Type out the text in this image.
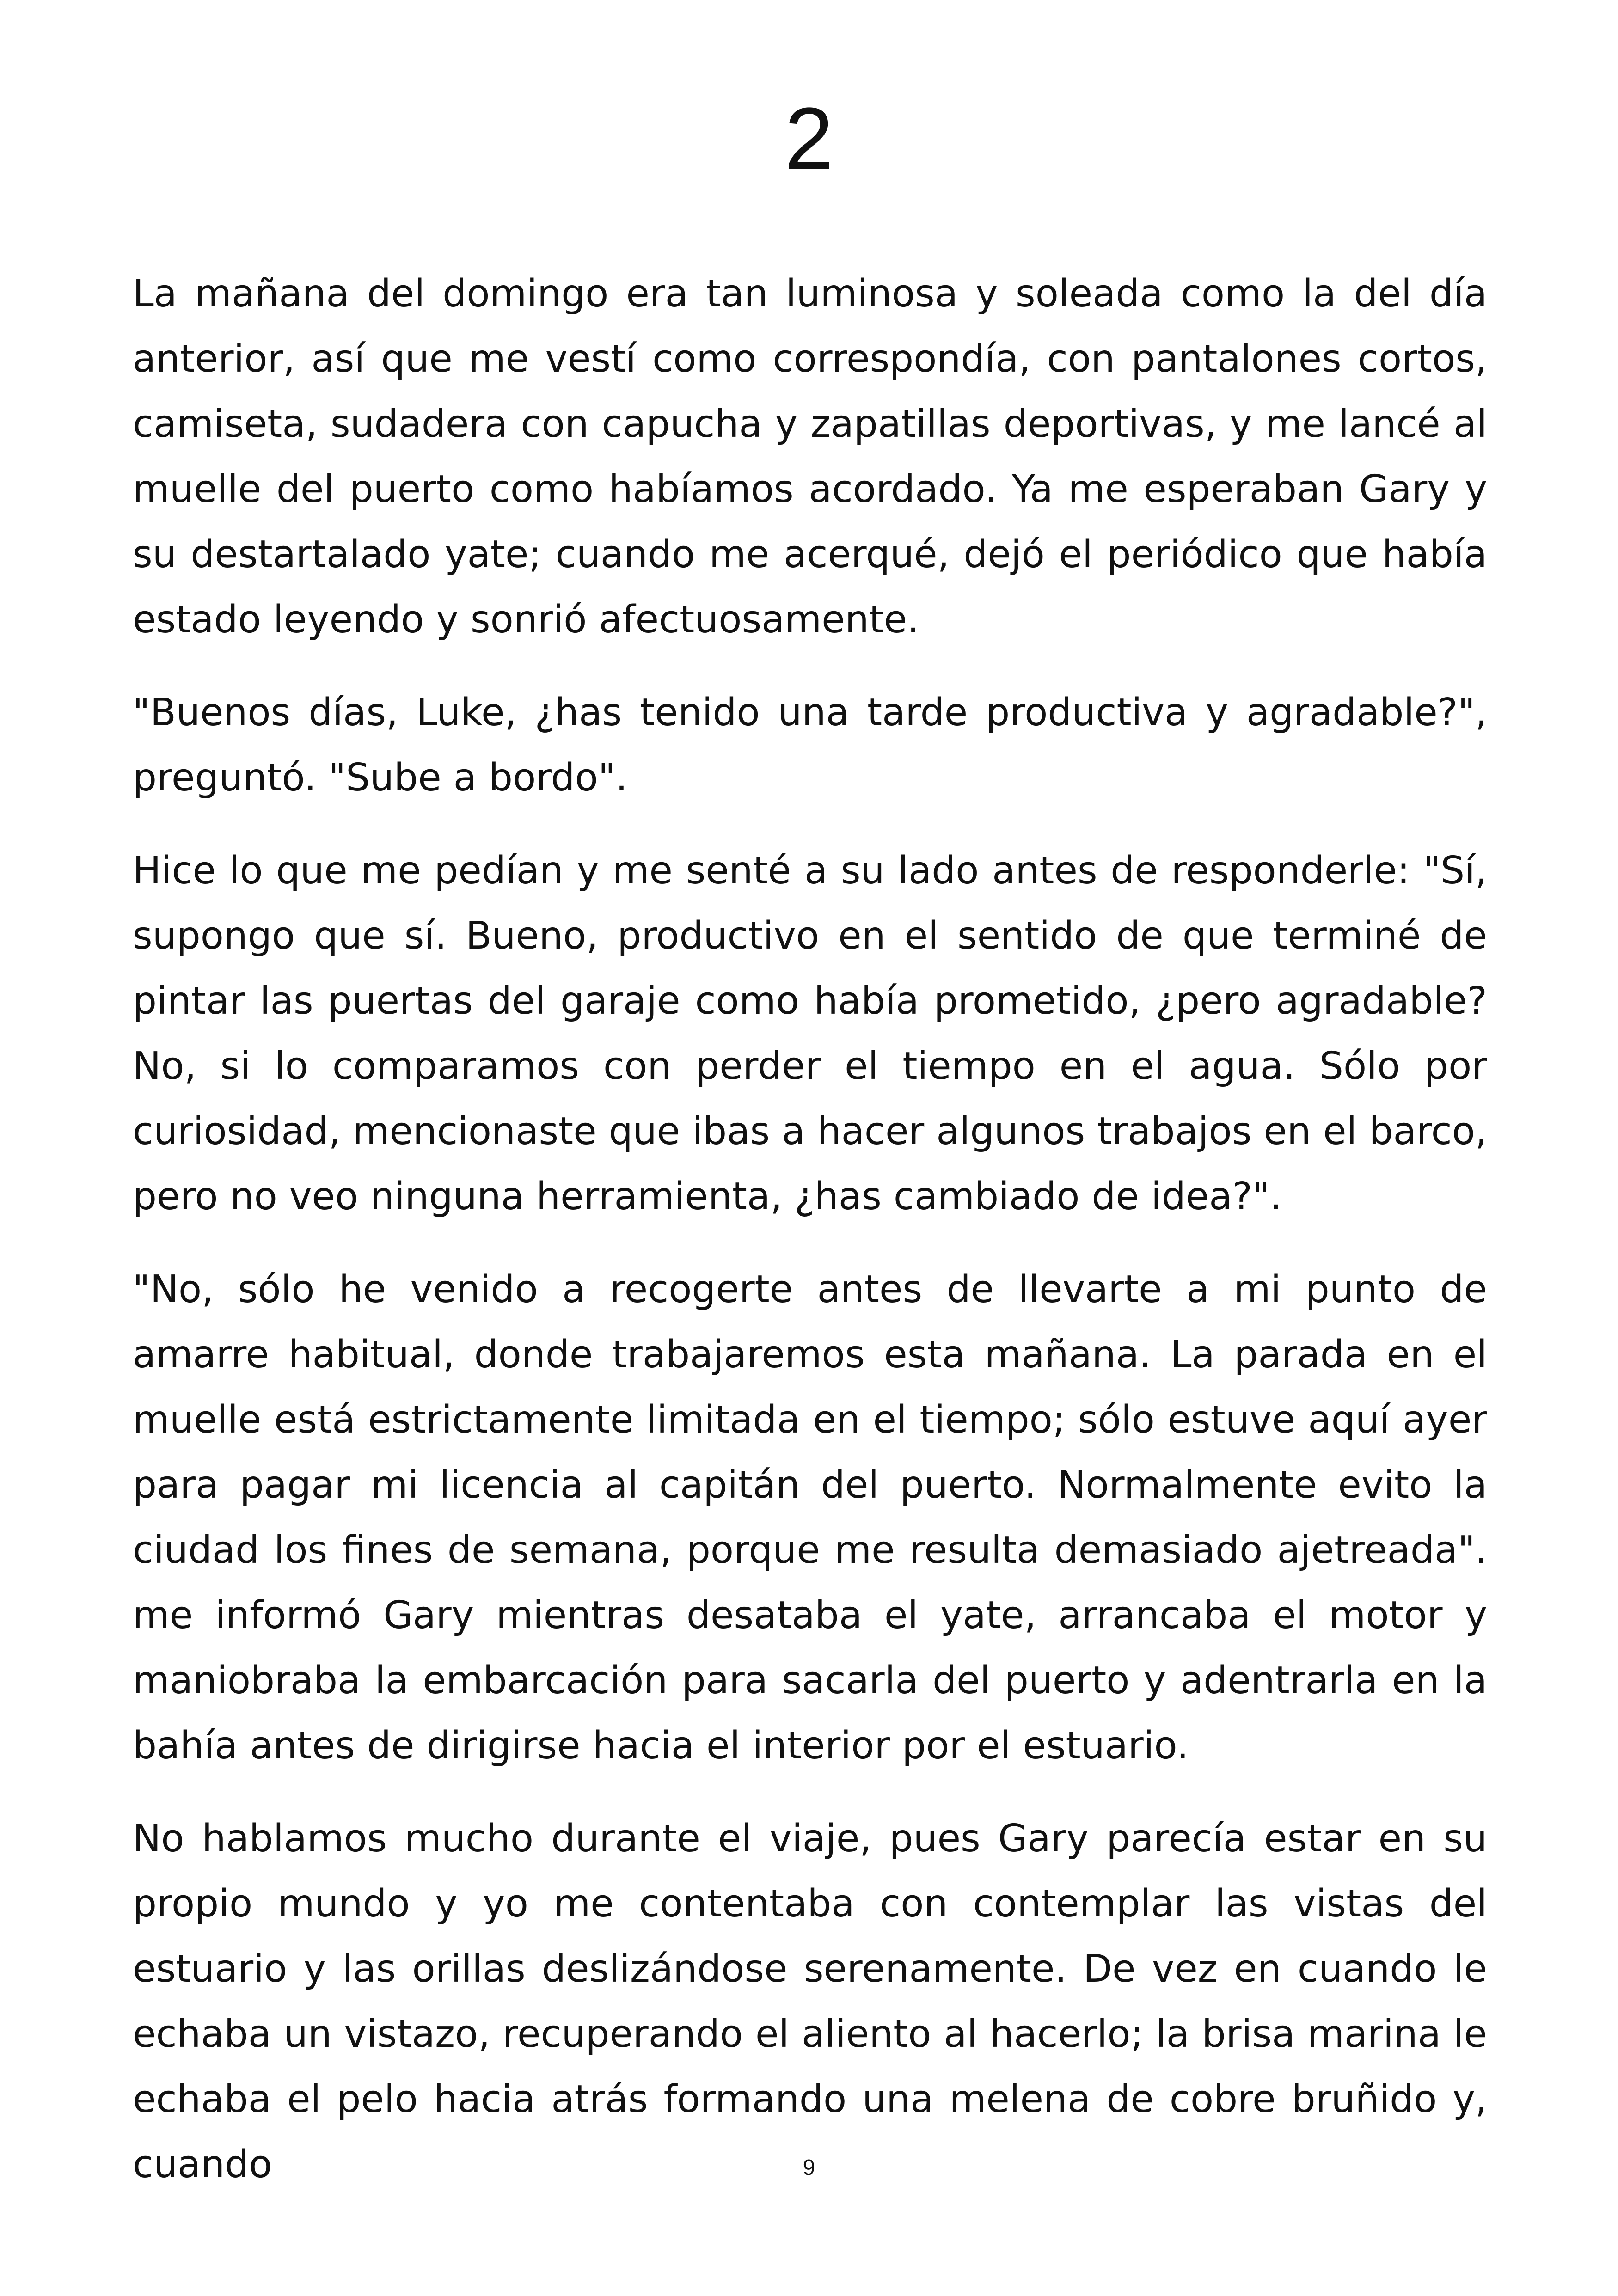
2

La mañana del domingo era tan luminosa y soleada como la del día anterior, así que me vestí como correspondía, con pantalones cortos, camiseta, sudadera con capucha y zapatillas deportivas, y me lancé al muelle del puerto como habíamos acordado. Ya me esperaban Gary y su destartalado yate; cuando me acerqué, dejó el periódico que había estado leyendo y sonrió afectuosamente.

"Buenos días, Luke, ¿has tenido una tarde productiva y agradable?", preguntó. "Sube a bordo".

Hice lo que me pedían y me senté a su lado antes de responderle: "Sí, supongo que sí. Bueno, productivo en el sentido de que terminé de pintar las puertas del garaje como había prometido, ¿pero agradable? No, si lo comparamos con perder el tiempo en el agua. Sólo por curiosidad, mencionaste que ibas a hacer algunos trabajos en el barco, pero no veo ninguna herramienta, ¿has cambiado de idea?".

"No, sólo he venido a recogerte antes de llevarte a mi punto de amarre habitual, donde trabajaremos esta mañana. La parada en el muelle está estrictamente limitada en el tiempo; sólo estuve aquí ayer para pagar mi licencia al capitán del puerto. Normalmente evito la ciudad los fines de semana, porque me resulta demasiado ajetreada". me informó Gary mientras desataba el yate, arrancaba el motor y maniobraba la embarcación para sacarla del puerto y adentrarla en la bahía antes de dirigirse hacia el interior por el estuario.

No hablamos mucho durante el viaje, pues Gary parecía estar en su propio mundo y yo me contentaba con contemplar las vistas del estuario y las orillas deslizándose serenamente. De vez en cuando le echaba un vistazo, recuperando el aliento al hacerlo; la brisa marina le echaba el pelo hacia atrás formando una melena de cobre bruñido y, cuando	9
